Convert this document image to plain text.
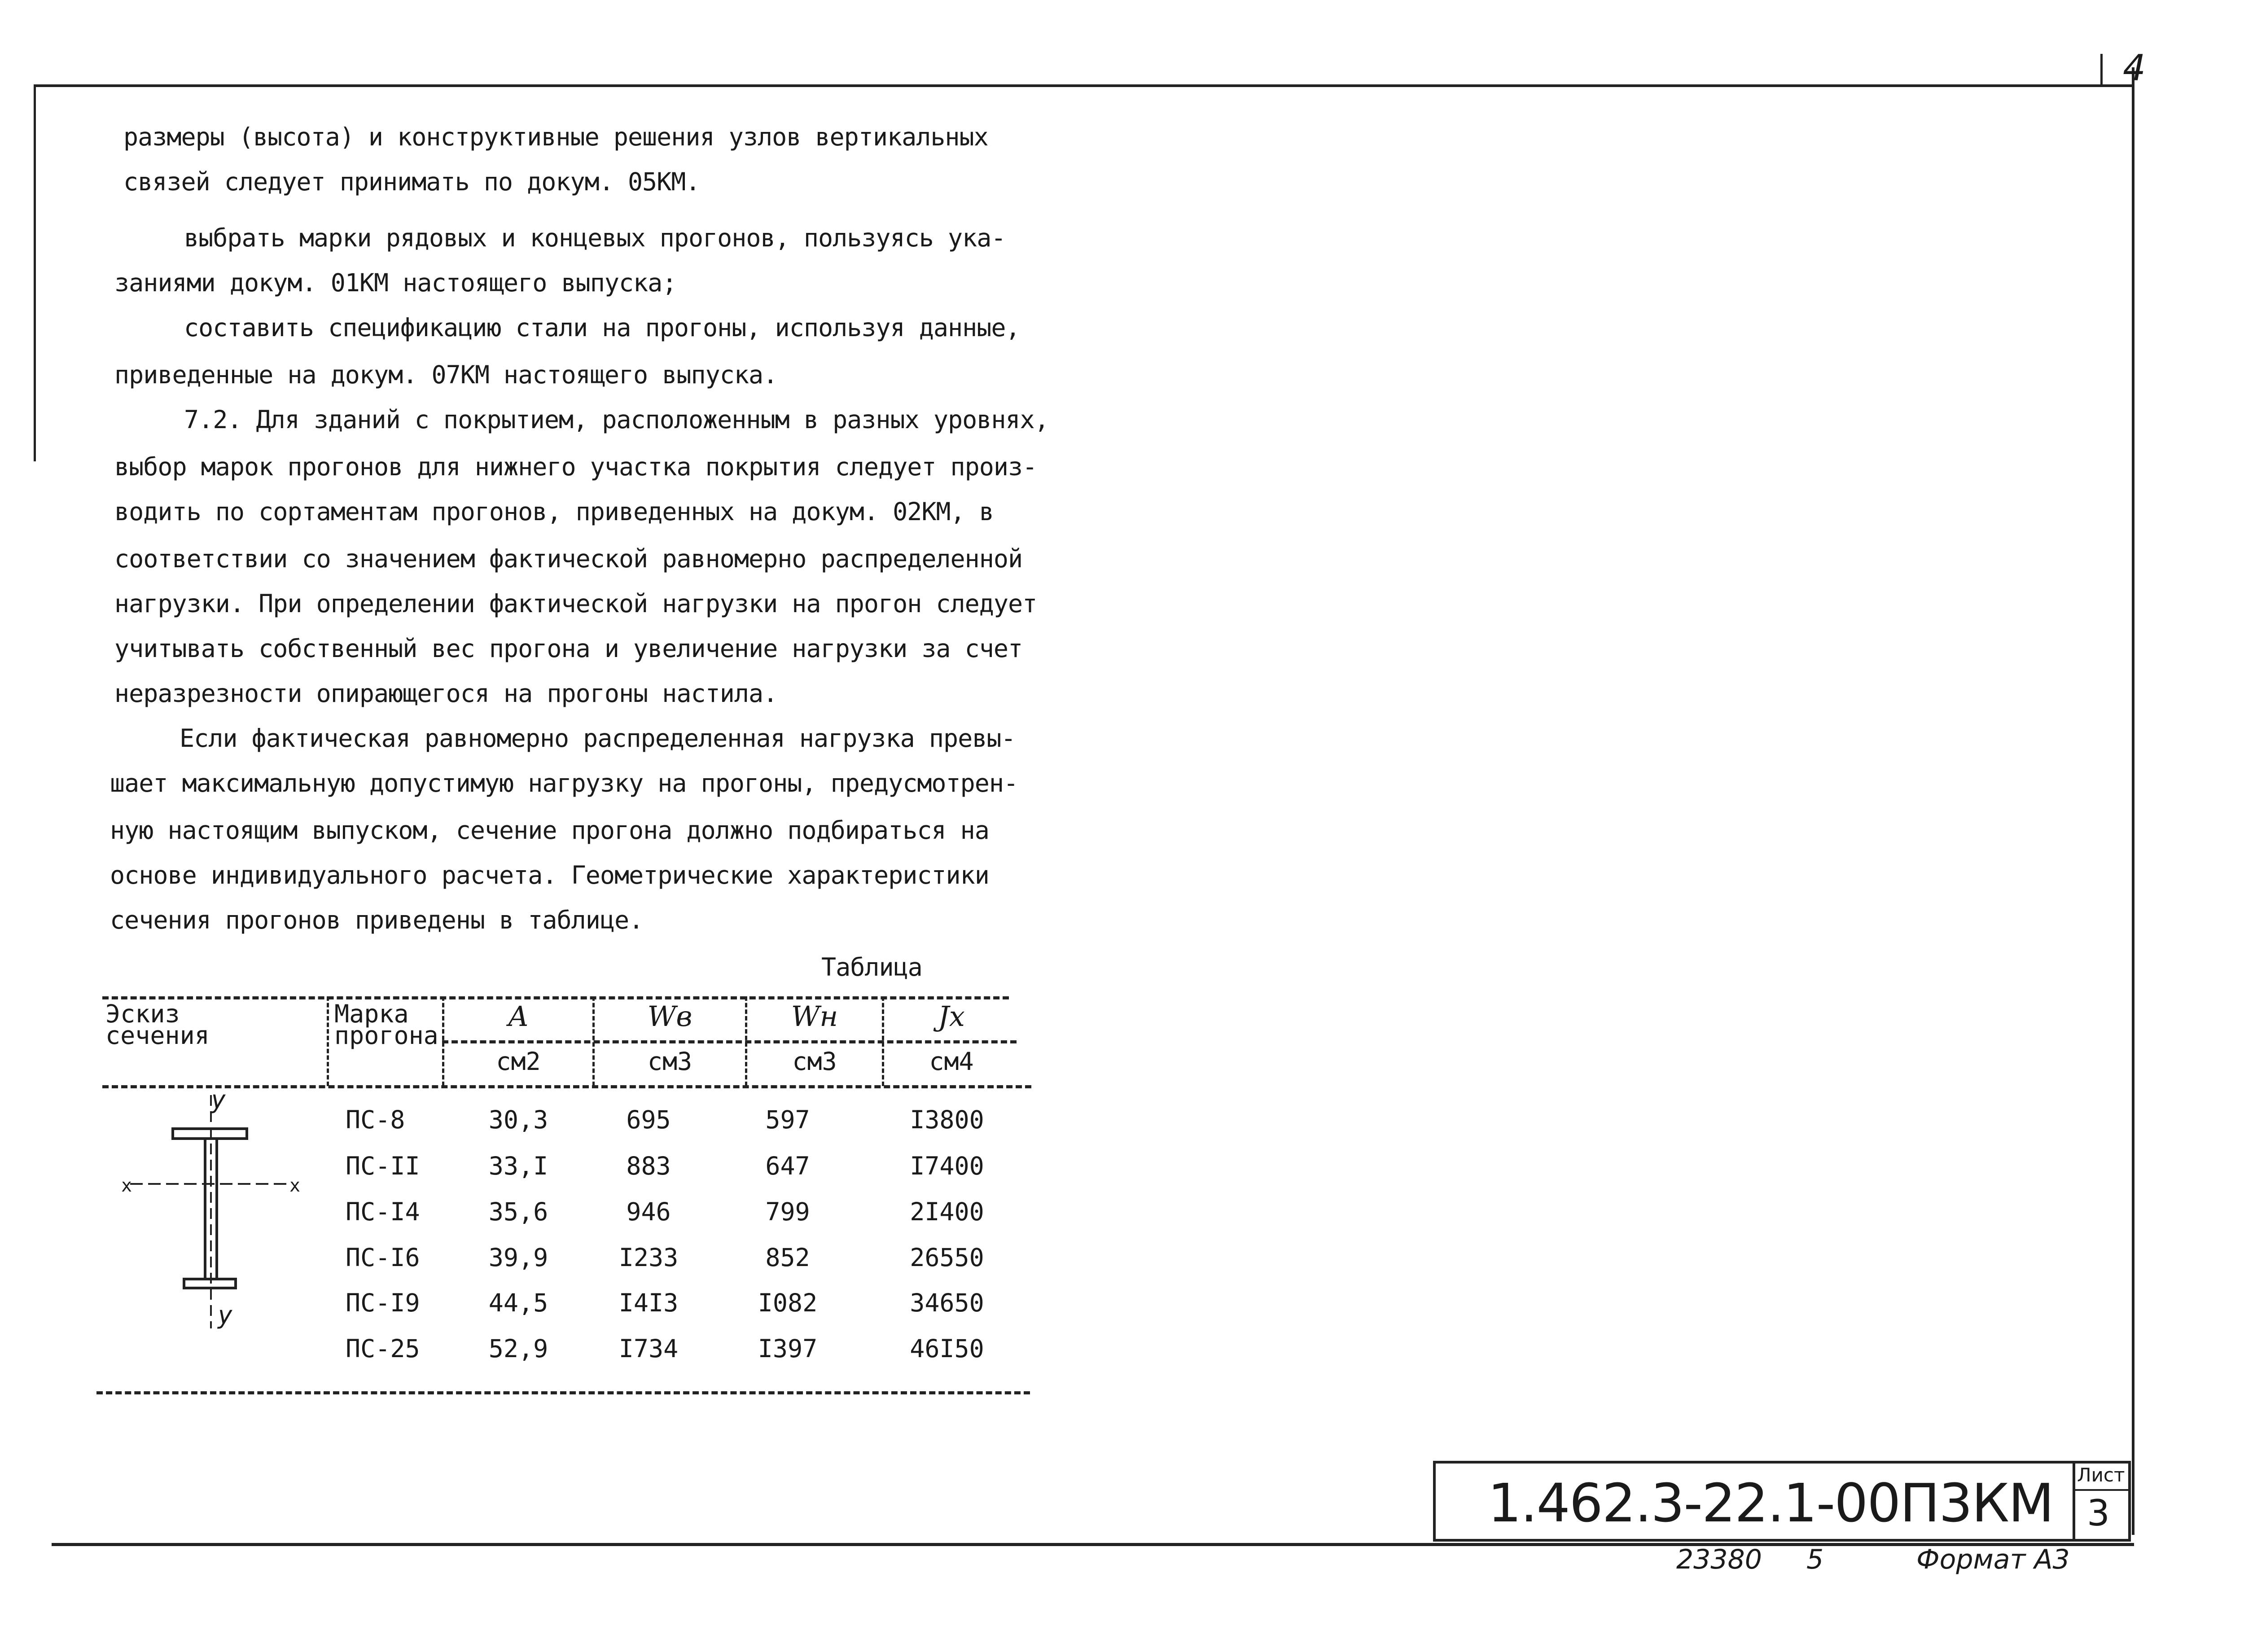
4
размеры (высота) и конструктивные решения узлов вертикальных
связей следует принимать по докум. 05КМ.
выбрать марки рядовых и концевых прогонов, пользуясь ука-
заниями докум. 01КМ настоящего выпуска;
составить спецификацию стали на прогоны, используя данные,
приведенные на докум. 07КМ настоящего выпуска.
7.2. Для зданий с покрытием, расположенным в разных уровнях,
выбор марок прогонов для нижнего участка покрытия следует произ-
водить по сортаментам прогонов, приведенных на докум. 02КМ, в
соответствии со значением фактической равномерно распределенной
нагрузки. При определении фактической нагрузки на прогон следует
учитывать собственный вес прогона и увеличение нагрузки за счет
неразрезности опирающегося на прогоны настила.
Если фактическая равномерно распределенная нагрузка превы-
шает максимальную допустимую нагрузку на прогоны, предусмотрен-
ную настоящим выпуском, сечение прогона должно подбираться на
основе индивидуального расчета. Геометрические характеристики
сечения прогонов приведены в таблице.
Таблица
Эскиз сечения
Марка прогона
A	Wв	Wн	Jx
см2	см3	см3	см4
y
y
x	x
ПС-8	30,3	695	597	I3800
ПС-II	33,I	883	647	I7400
ПС-I4	35,6	946	799	2I400
ПС-I6	39,9	I233	852	26550
ПС-I9	44,5	I4I3	I082	34650
ПС-25	52,9	I734	I397	46I50
1.462.3-22.1-00П3КМ Лист
3
23380 5	Формат А3
